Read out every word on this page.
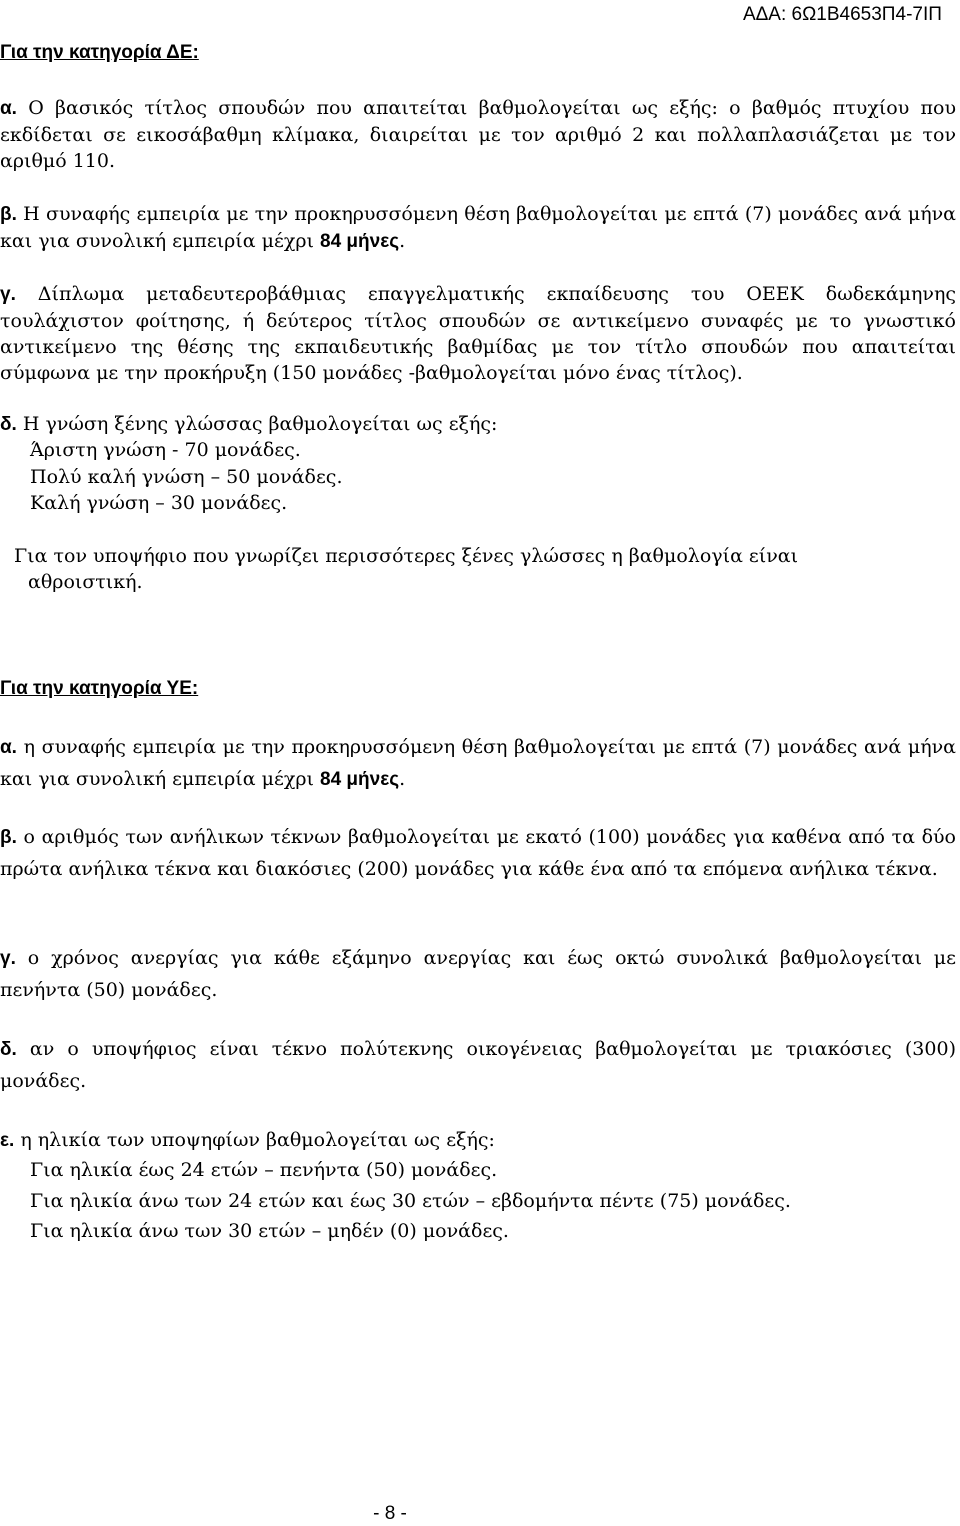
ΑΔΑ: 6Ω1Β4653Π4-7ΙΠ
Για την κατηγορία ΔΕ:

α. Ο βασικός τίτλος σπουδών που απαιτείται βαθμολογείται ως εξής: ο βαθμός πτυχίου που εκδίδεται σε εικοσάβαθμη κλίμακα, διαιρείται με τον αριθμό 2 και πολλαπλασιάζεται με τον αριθμό 110.

β. Η συναφής εμπειρία με την προκηρυσσόμενη θέση βαθμολογείται με επτά (7) μονάδες ανά μήνα και για συνολική εμπειρία μέχρι 84 μήνες.

γ. Δίπλωμα μεταδευτεροβάθμιας επαγγελματικής εκπαίδευσης του ΟΕΕΚ δωδεκάμηνης τουλάχιστον φοίτησης, ή δεύτερος τίτλος σπουδών σε αντικείμενο συναφές με το γνωστικό αντικείμενο της θέσης της εκπαιδευτικής βαθμίδας με τον τίτλο σπουδών που απαιτείται σύμφωνα με την προκήρυξη (150 μονάδες -βαθμολογείται μόνο ένας τίτλος).

δ. Η γνώση ξένης γλώσσας βαθμολογείται ως εξής:

Άριστη γνώση - 70 μονάδες.

Πολύ καλή γνώση – 50 μονάδες.

Καλή γνώση – 30 μονάδες.

Για τον υποψήφιο που γνωρίζει περισσότερες ξένες γλώσσες η βαθμολογία είναι αθροιστική.

Για την κατηγορία ΥΕ:

α. η συναφής εμπειρία με την προκηρυσσόμενη θέση βαθμολογείται με επτά (7) μονάδες ανά μήνα και για συνολική εμπειρία μέχρι 84 μήνες.

β. ο αριθμός των ανήλικων τέκνων βαθμολογείται με εκατό (100) μονάδες για καθένα από τα δύο πρώτα ανήλικα τέκνα και διακόσιες (200) μονάδες για κάθε ένα από τα επόμενα ανήλικα τέκνα.

γ. ο χρόνος ανεργίας για κάθε εξάμηνο ανεργίας και έως οκτώ συνολικά βαθμολογείται με πενήντα (50) μονάδες.

δ. αν ο υποψήφιος είναι τέκνο πολύτεκνης οικογένειας βαθμολογείται με τριακόσιες (300) μονάδες.

ε. η ηλικία των υποψηφίων βαθμολογείται ως εξής:

Για ηλικία έως 24 ετών – πενήντα (50) μονάδες.

Για ηλικία άνω των 24 ετών και έως 30 ετών – εβδομήντα πέντε (75) μονάδες.

Για ηλικία άνω των 30 ετών – μηδέν (0) μονάδες.

- 8 -
